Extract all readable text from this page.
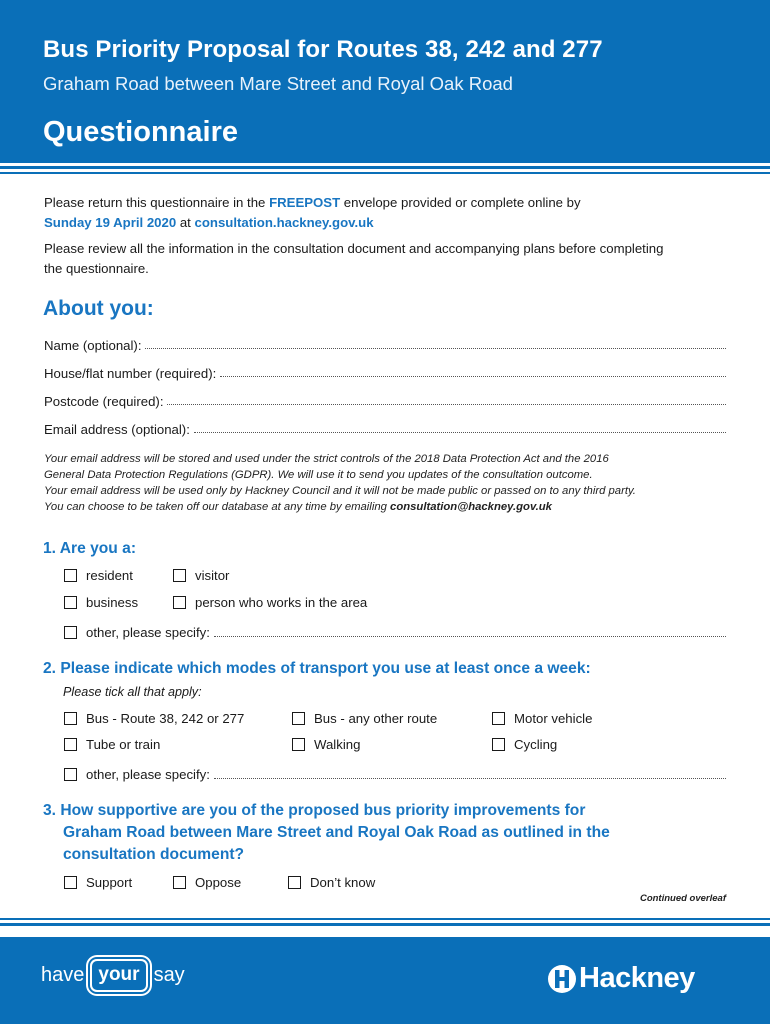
Bus Priority Proposal for Routes 38, 242 and 277
Graham Road between Mare Street and Royal Oak Road
Questionnaire
Please return this questionnaire in the FREEPOST envelope provided or complete online by
Sunday 19 April 2020 at consultation.hackney.gov.uk
Please review all the information in the consultation document and accompanying plans before completing
the questionnaire.
About you:
Name (optional):
House/flat number (required):
Postcode (required):
Email address (optional):
Your email address will be stored and used under the strict controls of the 2018 Data Protection Act and the 2016
General Data Protection Regulations (GDPR). We will use it to send you updates of the consultation outcome.
Your email address will be used only by Hackney Council and it will not be made public or passed on to any third party.
You can choose to be taken off our database at any time by emailing consultation@hackney.gov.uk
1. Are you a:
resident	visitor
business	person who works in the area
other, please specify:
2. Please indicate which modes of transport you use at least once a week:
Please tick all that apply:
Bus - Route 38, 242 or 277	Bus - any other route	Motor vehicle
Tube or train	Walking	Cycling
other, please specify:
3. How supportive are you of the proposed bus priority improvements for
Graham Road between Mare Street and Royal Oak Road as outlined in the
consultation document?
Support	Oppose	Don’t know
Continued overleaf
have your say	Hackney
